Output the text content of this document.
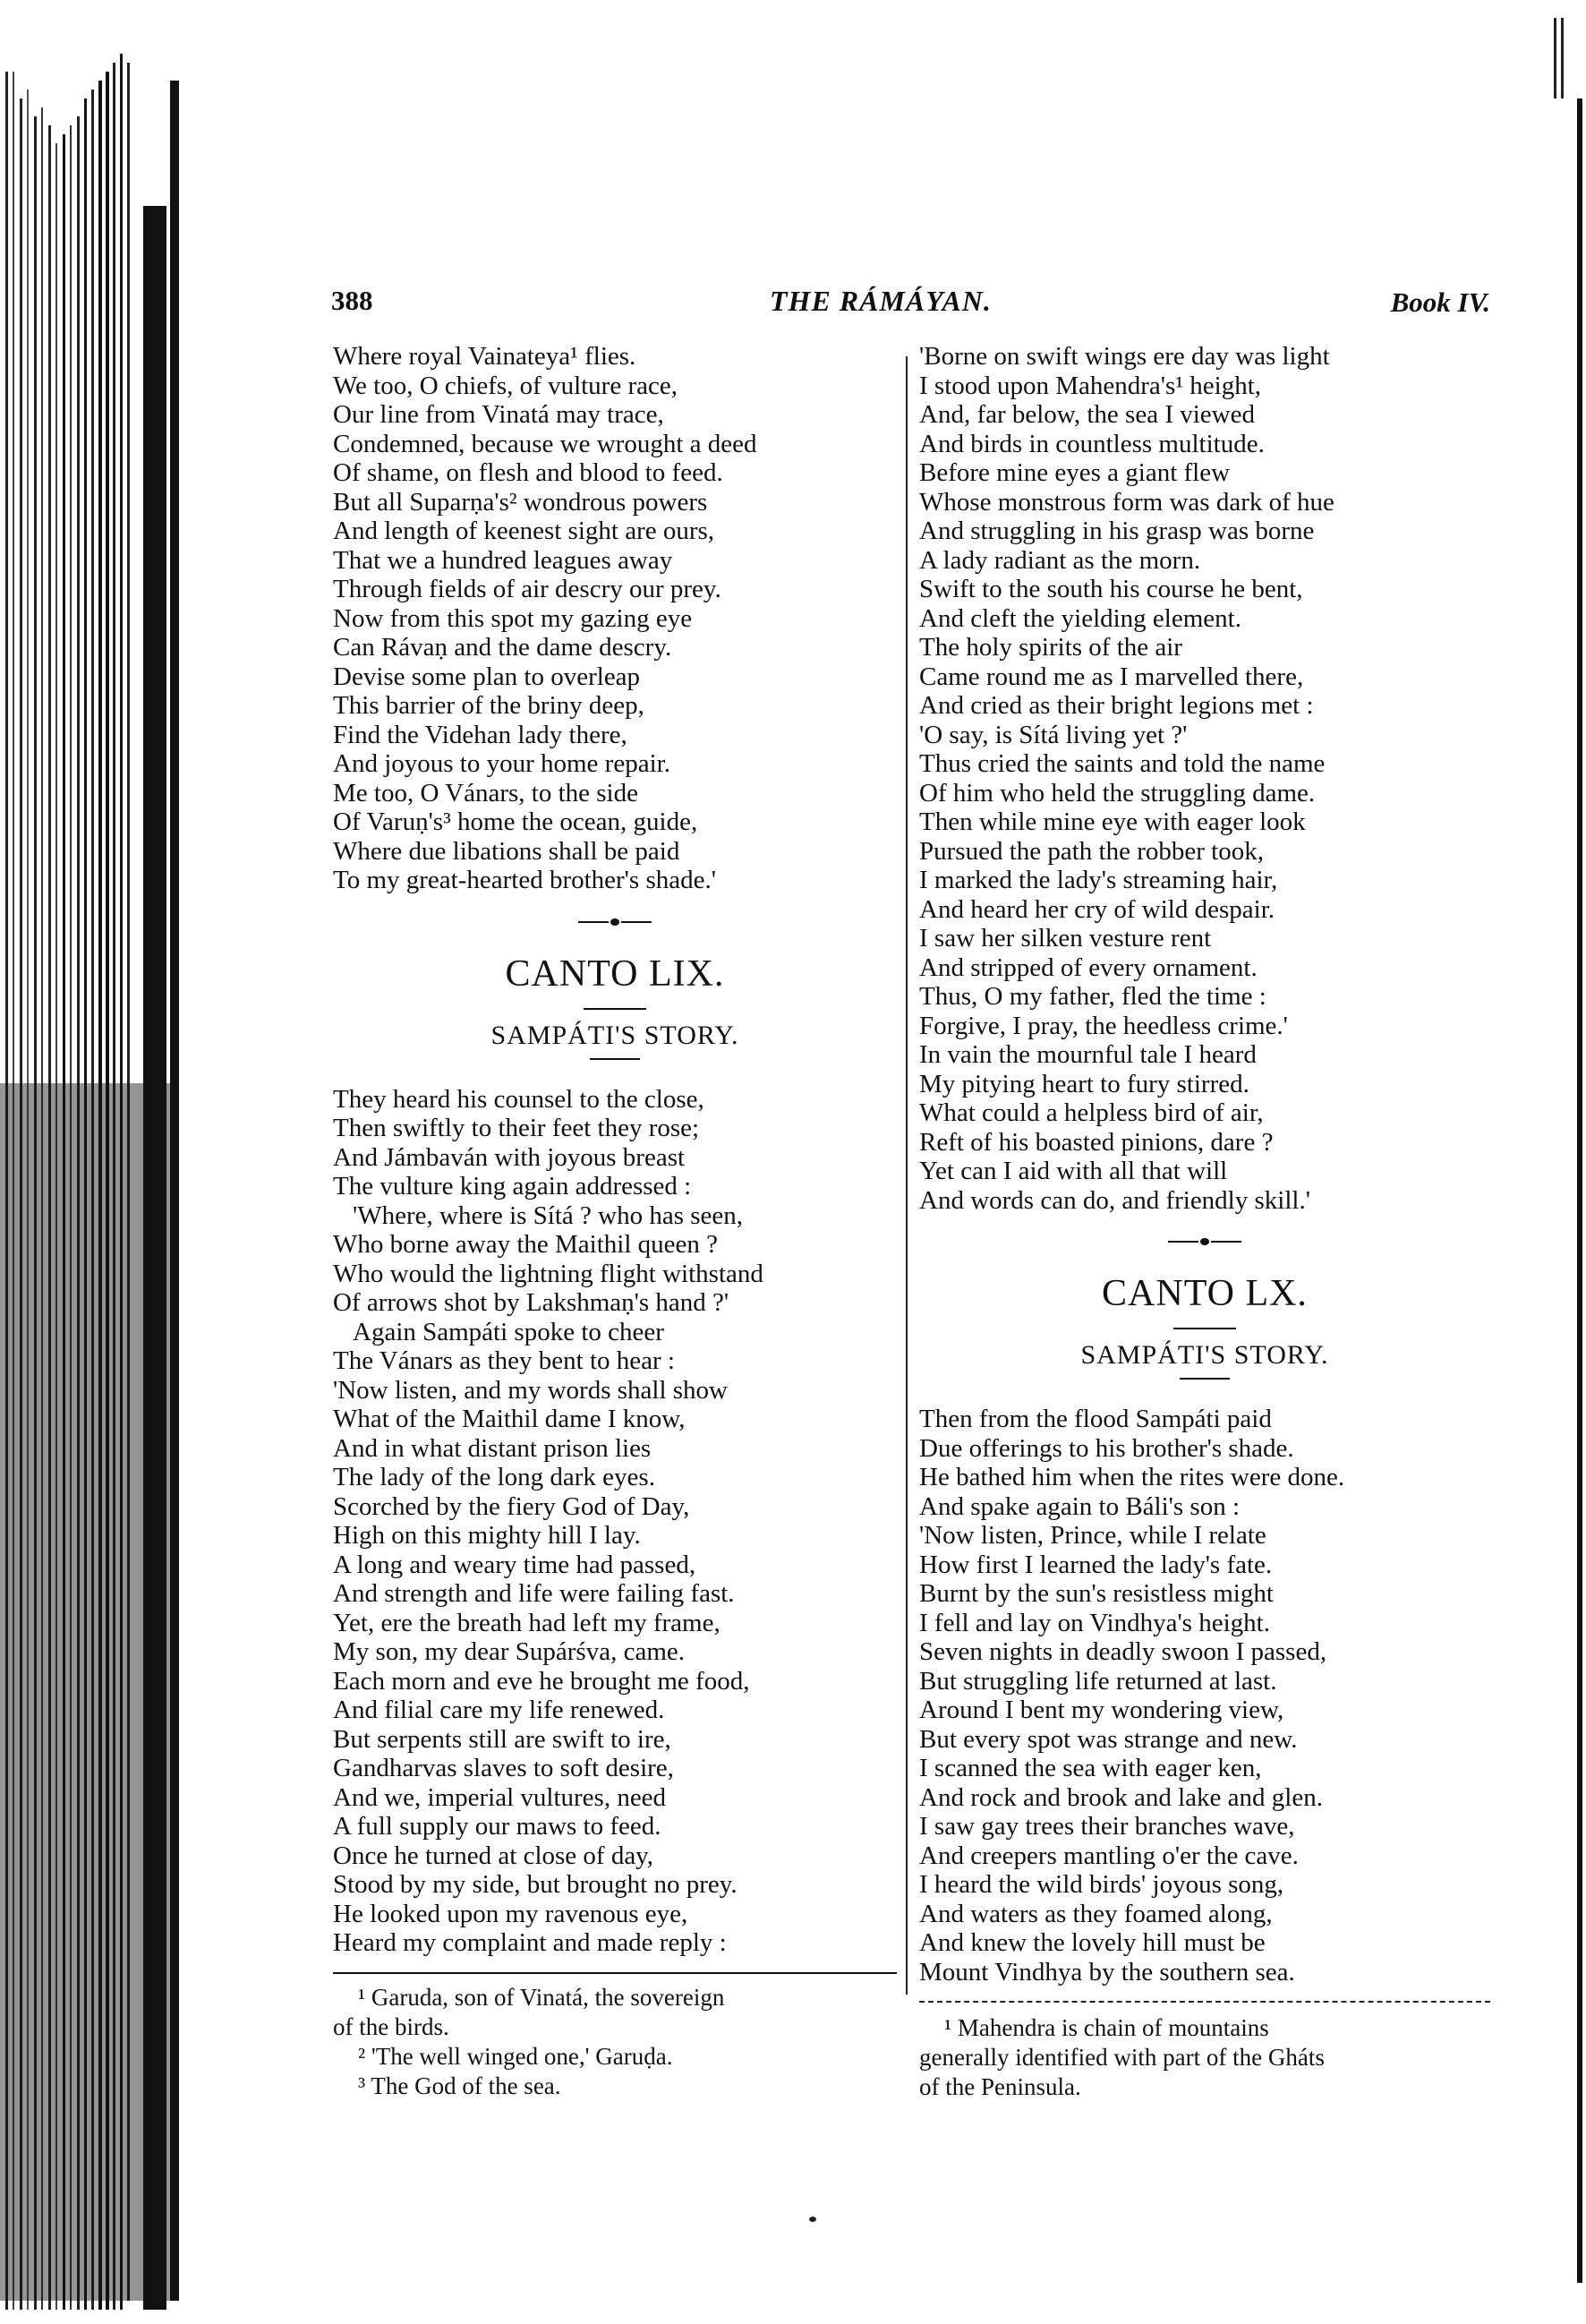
388	THE RÁMÁYAN.	Book IV.
Where royal Vainateya¹ flies.
We too, O chiefs, of vulture race,
Our line from Vinatá may trace,
Condemned, because we wrought a deed
Of shame, on flesh and blood to feed.
But all Suparṇa's² wondrous powers
And length of keenest sight are ours,
That we a hundred leagues away
Through fields of air descry our prey.
Now from this spot my gazing eye
Can Rávaṇ and the dame descry.
Devise some plan to overleap
This barrier of the briny deep,
Find the Videhan lady there,
And joyous to your home repair.
Me too, O Vánars, to the side
Of Varuṇ's³ home the ocean, guide,
Where due libations shall be paid
To my great-hearted brother's shade.'
CANTO LIX.
SAMPÁTI'S STORY.
They heard his counsel to the close,
Then swiftly to their feet they rose;
And Jámbaván with joyous breast
The vulture king again addressed :
'Where, where is Sítá ? who has seen,
Who borne away the Maithil queen ?
Who would the lightning flight withstand
Of arrows shot by Lakshmaṇ's hand ?'
Again Sampáti spoke to cheer
The Vánars as they bent to hear :
'Now listen, and my words shall show
What of the Maithil dame I know,
And in what distant prison lies
The lady of the long dark eyes.
Scorched by the fiery God of Day,
High on this mighty hill I lay.
A long and weary time had passed,
And strength and life were failing fast.
Yet, ere the breath had left my frame,
My son, my dear Supárśva, came.
Each morn and eve he brought me food,
And filial care my life renewed.
But serpents still are swift to ire,
Gandharvas slaves to soft desire,
And we, imperial vultures, need
A full supply our maws to feed.
Once he turned at close of day,
Stood by my side, but brought no prey.
He looked upon my ravenous eye,
Heard my complaint and made reply :
¹ Garuda, son of Vinatá, the sovereign
of the birds.
² 'The well winged one,' Garuḍa.
³ The God of the sea.
'Borne on swift wings ere day was light
I stood upon Mahendra's¹ height,
And, far below, the sea I viewed
And birds in countless multitude.
Before mine eyes a giant flew
Whose monstrous form was dark of hue
And struggling in his grasp was borne
A lady radiant as the morn.
Swift to the south his course he bent,
And cleft the yielding element.
The holy spirits of the air
Came round me as I marvelled there,
And cried as their bright legions met :
'O say, is Sítá living yet ?'
Thus cried the saints and told the name
Of him who held the struggling dame.
Then while mine eye with eager look
Pursued the path the robber took,
I marked the lady's streaming hair,
And heard her cry of wild despair.
I saw her silken vesture rent
And stripped of every ornament.
Thus, O my father, fled the time :
Forgive, I pray, the heedless crime.'
In vain the mournful tale I heard
My pitying heart to fury stirred.
What could a helpless bird of air,
Reft of his boasted pinions, dare ?
Yet can I aid with all that will
And words can do, and friendly skill.'
CANTO LX.
SAMPÁTI'S STORY.
Then from the flood Sampáti paid
Due offerings to his brother's shade.
He bathed him when the rites were done.
And spake again to Báli's son :
'Now listen, Prince, while I relate
How first I learned the lady's fate.
Burnt by the sun's resistless might
I fell and lay on Vindhya's height.
Seven nights in deadly swoon I passed,
But struggling life returned at last.
Around I bent my wondering view,
But every spot was strange and new.
I scanned the sea with eager ken,
And rock and brook and lake and glen.
I saw gay trees their branches wave,
And creepers mantling o'er the cave.
I heard the wild birds' joyous song,
And waters as they foamed along,
And knew the lovely hill must be
Mount Vindhya by the southern sea.
¹ Mahendra is chain of mountains
generally identified with part of the Gháts
of the Peninsula.
